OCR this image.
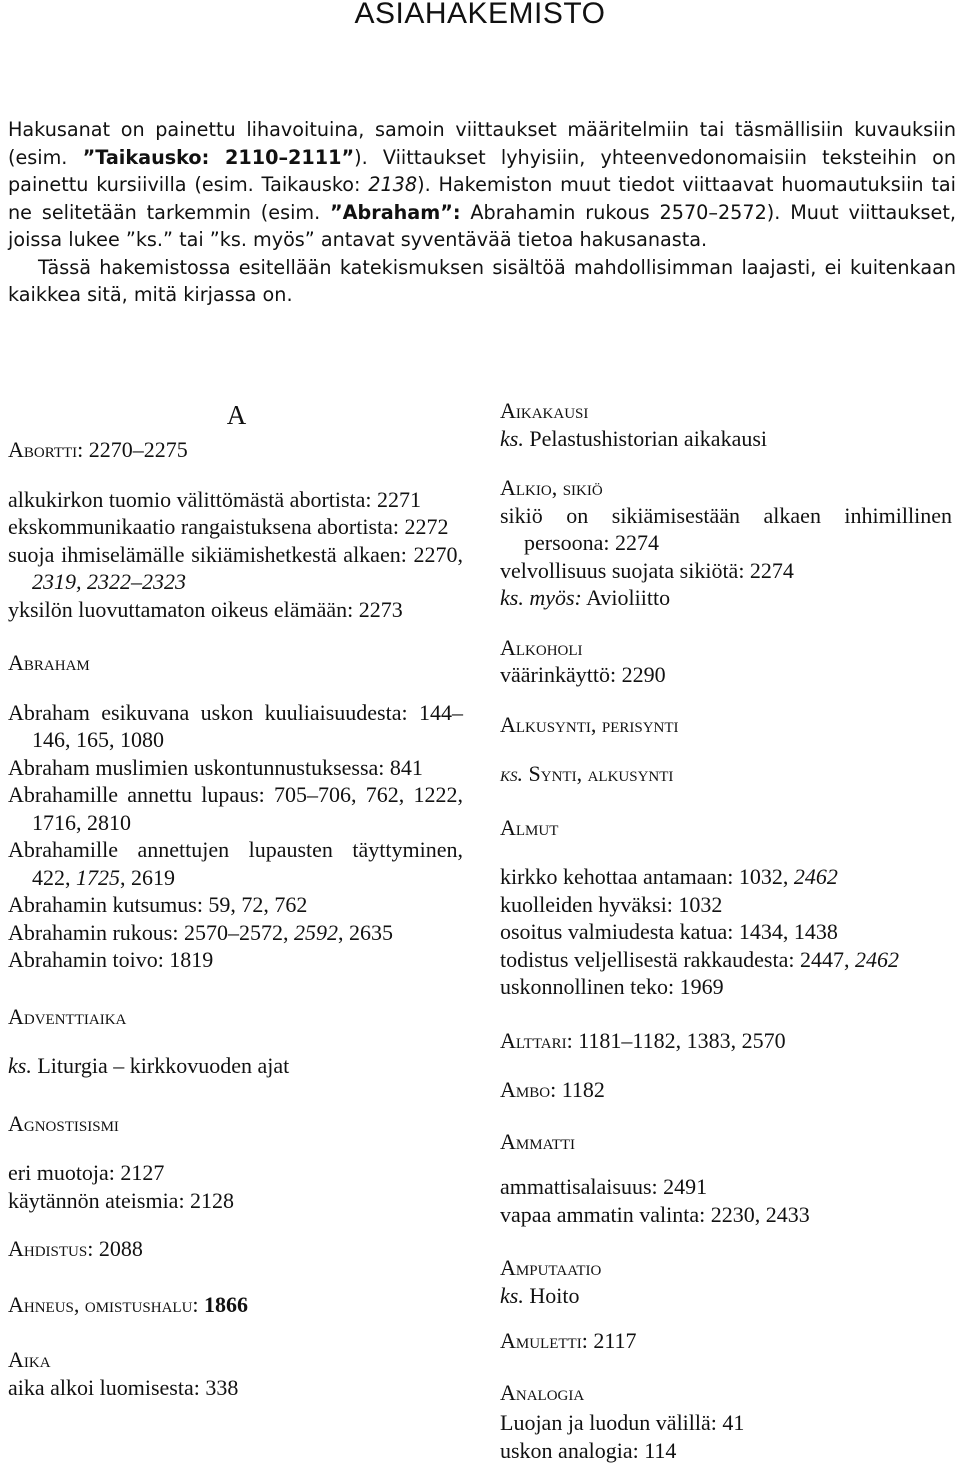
ASIAHAKEMISTO

Hakusanat on painettu lihavoituina, samoin viittaukset määritelmiin tai täsmällisiin kuvauksiin (esim. ”Taikausko: 2110–2111”). Viittaukset lyhyisiin, yhteenvedonomaisiin teksteihin on painettu kursiivilla (esim. Taikausko: 2138). Hakemiston muut tiedot viittaavat huomautuksiin tai ne selitetään tarkemmin (esim. ”Abraham”: Abrahamin rukous 2570–2572). Muut viittaukset, joissa lukee ”ks.” tai ”ks. myös” antavat syventävää tietoa hakusanasta.

Tässä hakemistossa esitellään katekismuksen sisältöä mahdollisimman laajasti, ei kuitenkaan kaikkea sitä, mitä kirjassa on.

A

Abortti: 2270–2275

alkukirkon tuomio välittömästä abortista: 2271

ekskommunikaatio rangaistuksena abortista: 2272

suoja ihmiselämälle sikiämishetkestä alkaen: 2270, 2319, 2322–2323

yksilön luovuttamaton oikeus elämään: 2273

Abraham

Abraham esikuvana uskon kuuliaisuudesta: 144–146, 165, 1080

Abraham muslimien uskontunnustuksessa: 841

Abrahamille annettu lupaus: 705–706, 762, 1222, 1716, 2810

Abrahamille annettujen lupausten täyttyminen, 422, 1725, 2619

Abrahamin kutsumus: 59, 72, 762

Abrahamin rukous: 2570–2572, 2592, 2635

Abrahamin toivo: 1819

Adventtiaika

ks. Liturgia – kirkkovuoden ajat

Agnostisismi

eri muotoja: 2127

käytännön ateismia: 2128

Ahdistus: 2088

Ahneus, omistushalu: 1866

Aika

aika alkoi luomisesta: 338

Aikakausi

ks. Pelastushistorian aikakausi

Alkio, sikiö

sikiö on sikiämisestään alkaen inhimillinen persoona: 2274

velvollisuus suojata sikiötä: 2274

ks. myös: Avioliitto

Alkoholi

väärinkäyttö: 2290

Alkusynti, perisynti

ks. Synti, alkusynti

Almut

kirkko kehottaa antamaan: 1032, 2462

kuolleiden hyväksi: 1032

osoitus valmiudesta katua: 1434, 1438

todistus veljellisestä rakkaudesta: 2447, 2462

uskonnollinen teko: 1969

Alttari: 1181–1182, 1383, 2570

Ambo: 1182

Ammatti

ammattisalaisuus: 2491

vapaa ammatin valinta: 2230, 2433

Amputaatio

ks. Hoito

Amuletti: 2117

Analogia

Luojan ja luodun välillä: 41

uskon analogia: 114
